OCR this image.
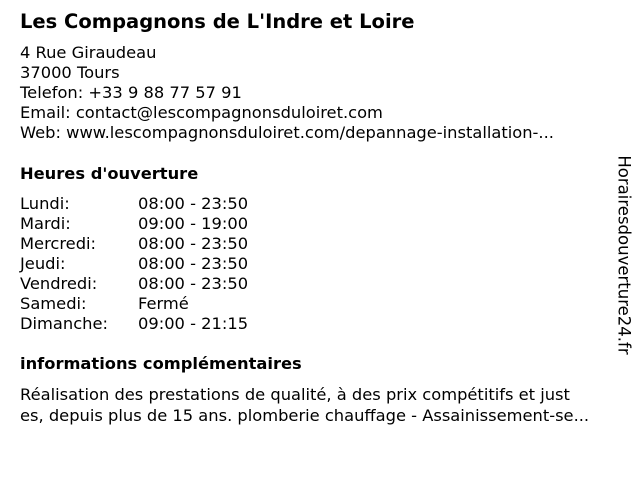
Les Compagnons de L'Indre et Loire
4 Rue Giraudeau
37000 Tours
Telefon: +33 9 88 77 57 91
Email: contact@lescompagnonsduloiret.com
Web: www.lescompagnonsduloiret.com/depannage-installation-...
Heures d'ouverture
Lundi:	08:00 - 23:50
Mardi:	09:00 - 19:00
Mercredi:	08:00 - 23:50
Jeudi:	08:00 - 23:50
Vendredi:	08:00 - 23:50
Samedi:	Fermé
Dimanche:	09:00 - 21:15
informations complémentaires
Réalisation des prestations de qualité, à des prix compétitifs et just
es, depuis plus de 15 ans. plomberie chauffage - Assainissement-se...
Horairesdouverture24.fr
